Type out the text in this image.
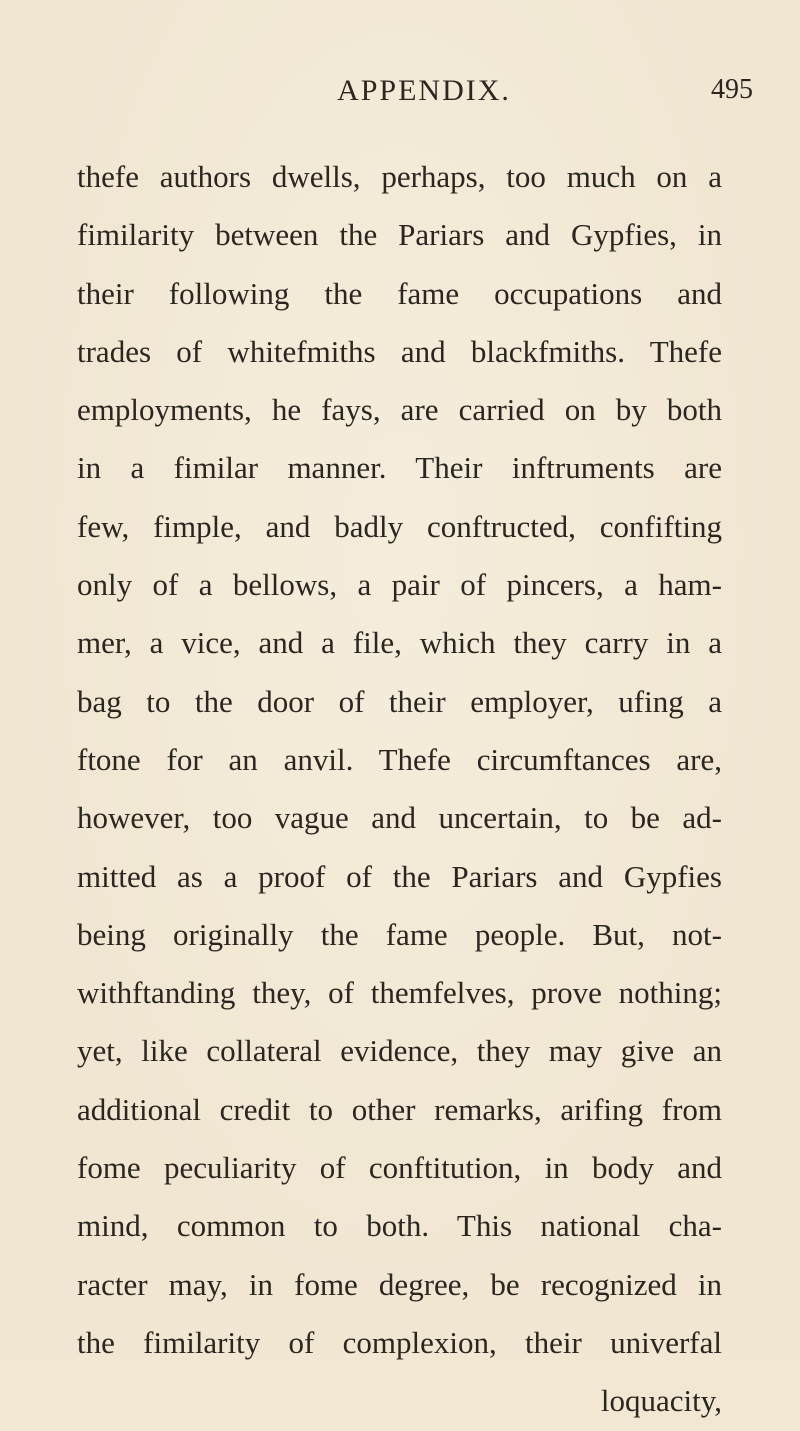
APPENDIX.	495
thefe authors dwells, perhaps, too much on a
fimilarity between the Pariars and Gypfies, in
their following the fame occupations and
trades of whitefmiths and blackfmiths. Thefe
employments, he fays, are carried on by both
in a fimilar manner. Their inftruments are
few, fimple, and badly conftructed, confifting
only of a bellows, a pair of pincers, a ham-
mer, a vice, and a file, which they carry in a
bag to the door of their employer, ufing a
ftone for an anvil. Thefe circumftances are,
however, too vague and uncertain, to be ad-
mitted as a proof of the Pariars and Gypfies
being originally the fame people. But, not-
withftanding they, of themfelves, prove nothing;
yet, like collateral evidence, they may give an
additional credit to other remarks, arifing from
fome peculiarity of conftitution, in body and
mind, common to both. This national cha-
racter may, in fome degree, be recognized in
the fimilarity of complexion, their univerfal
loquacity,
